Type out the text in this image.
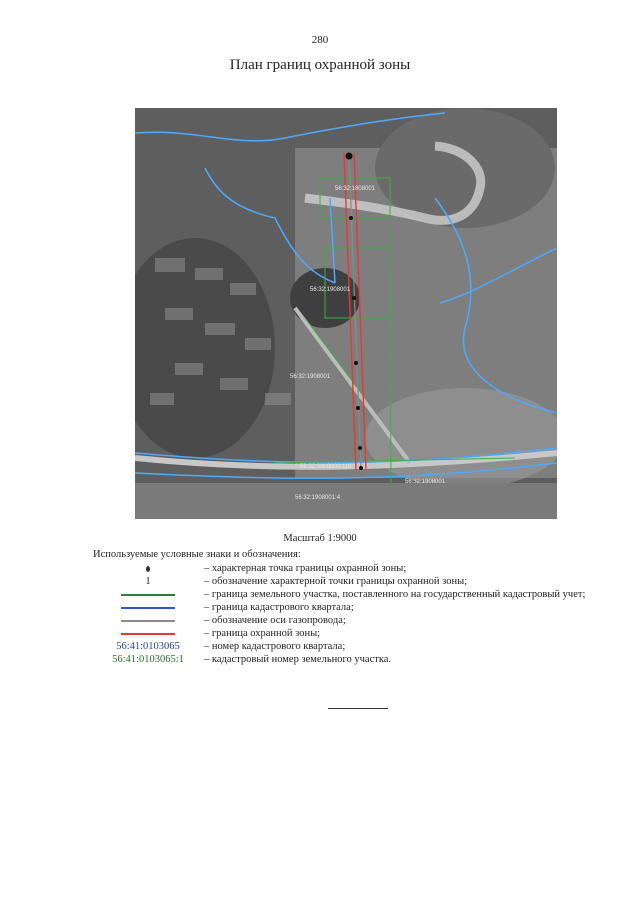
280
План границ охранной зоны
56:32:1808001
56:32:1908001
56:32:1908001
56:32:0000000:115
56:32:1908001
56:32:1908001:4
Масштаб 1:9000
Используемые условные знаки и обозначения:
– характерная точка границы охранной зоны;
1	– обозначение характерной точки границы охранной зоны;
– граница земельного участка, поставленного на государственный кадастровый учет;
– граница кадастрового квартала;
– обозначение оси газопровода;
– граница охранной зоны;
56:41:0103065 – номер кадастрового квартала;
56:41:0103065:1 – кадастровый номер земельного участка.
